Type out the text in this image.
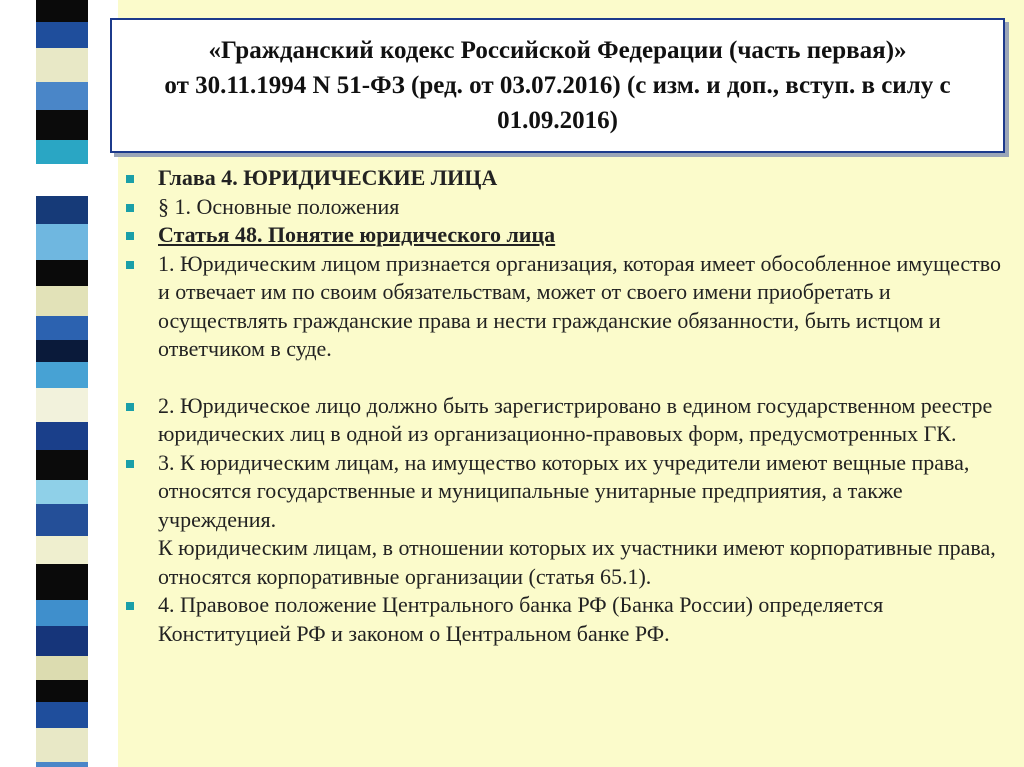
«Гражданский кодекс Российской Федерации (часть первая)»
от 30.11.1994 N 51-ФЗ (ред. от 03.07.2016) (с изм. и доп., вступ. в силу с 01.09.2016)
Глава 4. ЮРИДИЧЕСКИЕ ЛИЦА
§ 1. Основные положения
Статья 48. Понятие юридического лица
1. Юридическим лицом признается организация, которая имеет обособленное имущество и отвечает им по своим обязательствам, может от своего имени приобретать и осуществлять гражданские права и нести гражданские обязанности, быть истцом и ответчиком в суде.
2. Юридическое лицо должно быть зарегистрировано в едином государственном реестре юридических лиц в одной из организационно-правовых форм, предусмотренных ГК.
3. К юридическим лицам, на имущество которых их учредители имеют вещные права, относятся государственные и муниципальные унитарные предприятия, а также учреждения.
К юридическим лицам, в отношении которых их участники имеют корпоративные права, относятся корпоративные организации (статья 65.1).
4. Правовое положение Центрального банка РФ (Банка России) определяется Конституцией РФ и законом о Центральном банке РФ.
